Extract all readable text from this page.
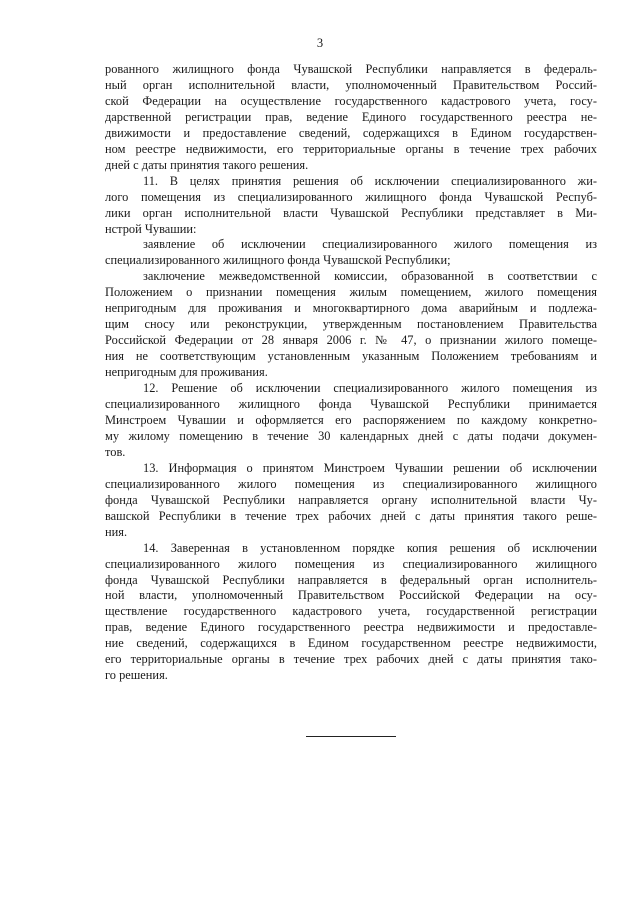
3
рованного жилищного фонда Чувашской Республики направляется в федераль-
ный орган исполнительной власти, уполномоченный Правительством Россий-
ской Федерации на осуществление государственного кадастрового учета, госу-
дарственной регистрации прав, ведение Единого государственного реестра не-
движимости и предоставление сведений, содержащихся в Едином государствен-
ном реестре недвижимости, его территориальные органы в течение трех рабочих
дней с даты принятия такого решения.
11. В целях принятия решения об исключении специализированного жи-
лого помещения из специализированного жилищного фонда Чувашской Респуб-
лики орган исполнительной власти Чувашской Республики представляет в Ми-
нстрой Чувашии:
заявление об исключении специализированного жилого помещения из
специализированного жилищного фонда Чувашской Республики;
заключение межведомственной комиссии, образованной в соответствии с
Положением о признании помещения жилым помещением, жилого помещения
непригодным для проживания и многоквартирного дома аварийным и подлежа-
щим сносу или реконструкции, утвержденным постановлением Правительства
Российской Федерации от 28 января 2006 г. № 47, о признании жилого помеще-
ния не соответствующим установленным указанным Положением требованиям и
непригодным для проживания.
12. Решение об исключении специализированного жилого помещения из
специализированного жилищного фонда Чувашской Республики принимается
Минстроем Чувашии и оформляется его распоряжением по каждому конкретно-
му жилому помещению в течение 30 календарных дней с даты подачи докумен-
тов.
13. Информация о принятом Минстроем Чувашии решении об исключении
специализированного жилого помещения из специализированного жилищного
фонда Чувашской Республики направляется органу исполнительной власти Чу-
вашской Республики в течение трех рабочих дней с даты принятия такого реше-
ния.
14. Заверенная в установленном порядке копия решения об исключении
специализированного жилого помещения из специализированного жилищного
фонда Чувашской Республики направляется в федеральный орган исполнитель-
ной власти, уполномоченный Правительством Российской Федерации на осу-
ществление государственного кадастрового учета, государственной регистрации
прав, ведение Единого государственного реестра недвижимости и предоставле-
ние сведений, содержащихся в Едином государственном реестре недвижимости,
его территориальные органы в течение трех рабочих дней с даты принятия тако-
го решения.
